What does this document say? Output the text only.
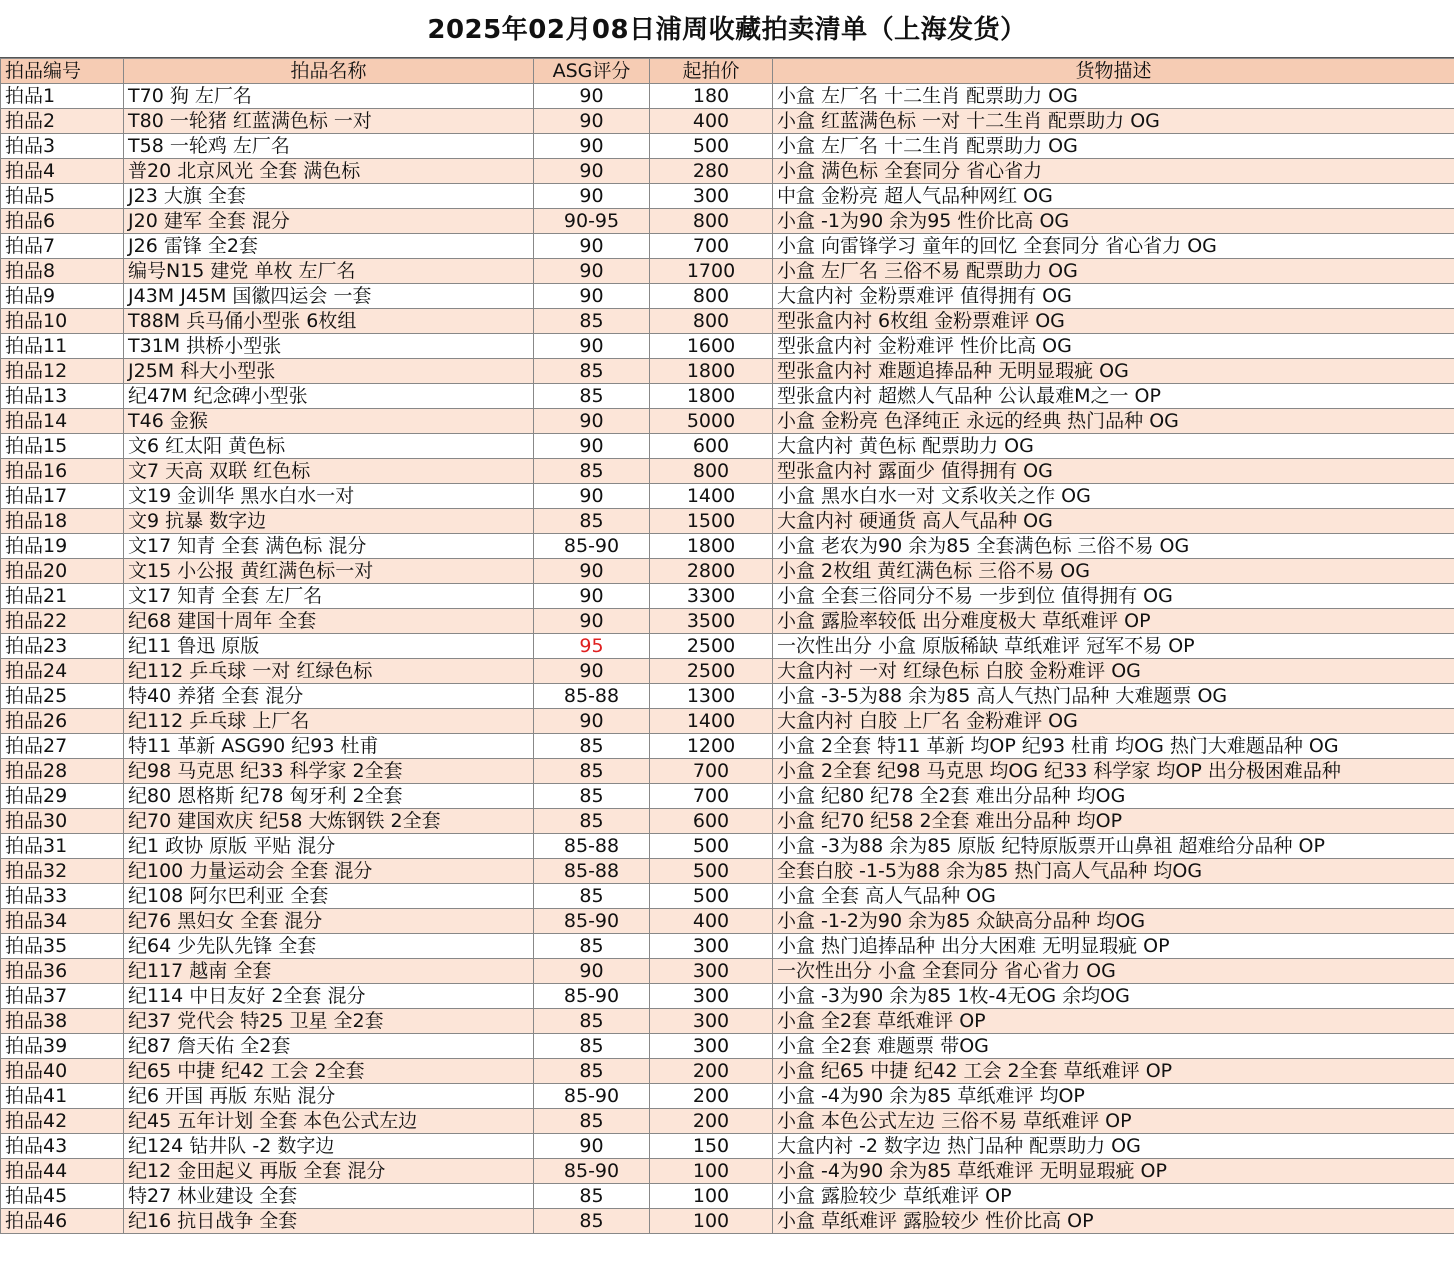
2025年02月08日浦周收藏拍卖清单（上海发货）
拍品编号	拍品名称	ASG评分	起拍价	货物描述
拍品1	T70 狗 左厂名	90	180	小盒 左厂名 十二生肖 配票助力 OG
拍品2	T80 一轮猪 红蓝满色标 一对	90	400	小盒 红蓝满色标 一对 十二生肖 配票助力 OG
拍品3	T58 一轮鸡 左厂名	90	500	小盒 左厂名 十二生肖 配票助力 OG
拍品4	普20 北京风光 全套 满色标	90	280	小盒 满色标 全套同分 省心省力
拍品5	J23 大旗 全套	90	300	中盒 金粉亮 超人气品种网红 OG
拍品6	J20 建军 全套 混分	90-95	800	小盒 -1为90 余为95 性价比高 OG
拍品7	J26 雷锋 全2套	90	700	小盒 向雷锋学习 童年的回忆 全套同分 省心省力 OG
拍品8	编号N15 建党 单枚 左厂名	90	1700	小盒 左厂名 三俗不易 配票助力 OG
拍品9	J43M J45M 国徽四运会 一套	90	800	大盒内衬 金粉票难评 值得拥有 OG
拍品10	T88M 兵马俑小型张 6枚组	85	800	型张盒内衬 6枚组 金粉票难评 OG
拍品11	T31M 拱桥小型张	90	1600	型张盒内衬 金粉难评 性价比高 OG
拍品12	J25M 科大小型张	85	1800	型张盒内衬 难题追捧品种 无明显瑕疵 OG
拍品13	纪47M 纪念碑小型张	85	1800	型张盒内衬 超燃人气品种 公认最难M之一 OP
拍品14	T46 金猴	90	5000	小盒 金粉亮 色泽纯正 永远的经典 热门品种 OG
拍品15	文6 红太阳 黄色标	90	600	大盒内衬 黄色标 配票助力 OG
拍品16	文7 天高 双联 红色标	85	800	型张盒内衬 露面少 值得拥有 OG
拍品17	文19 金训华 黑水白水一对	90	1400	小盒 黑水白水一对 文系收关之作 OG
拍品18	文9 抗暴 数字边	85	1500	大盒内衬 硬通货 高人气品种 OG
拍品19	文17 知青 全套 满色标 混分	85-90	1800	小盒 老农为90 余为85 全套满色标 三俗不易 OG
拍品20	文15 小公报 黄红满色标一对	90	2800	小盒 2枚组 黄红满色标 三俗不易 OG
拍品21	文17 知青 全套 左厂名	90	3300	小盒 全套三俗同分不易 一步到位 值得拥有 OG
拍品22	纪68 建国十周年 全套	90	3500	小盒 露脸率较低 出分难度极大 草纸难评 OP
拍品23	纪11 鲁迅 原版	95	2500	一次性出分 小盒 原版稀缺 草纸难评 冠军不易 OP
拍品24	纪112 乒乓球 一对 红绿色标	90	2500	大盒内衬 一对 红绿色标 白胶 金粉难评 OG
拍品25	特40 养猪 全套 混分	85-88	1300	小盒 -3-5为88 余为85 高人气热门品种 大难题票 OG
拍品26	纪112 乒乓球 上厂名	90	1400	大盒内衬 白胶 上厂名 金粉难评 OG
拍品27	特11 革新 ASG90 纪93 杜甫	85	1200	小盒 2全套 特11 革新 均OP 纪93 杜甫 均OG 热门大难题品种 OG
拍品28	纪98 马克思 纪33 科学家 2全套	85	700	小盒 2全套 纪98 马克思 均OG 纪33 科学家 均OP 出分极困难品种
拍品29	纪80 恩格斯 纪78 匈牙利 2全套	85	700	小盒 纪80 纪78 全2套 难出分品种 均OG
拍品30	纪70 建国欢庆 纪58 大炼钢铁 2全套	85	600	小盒 纪70 纪58 2全套 难出分品种 均OP
拍品31	纪1 政协 原版 平贴 混分	85-88	500	小盒 -3为88 余为85 原版 纪特原版票开山鼻祖 超难给分品种 OP
拍品32	纪100 力量运动会 全套 混分	85-88	500	全套白胶 -1-5为88 余为85 热门高人气品种 均OG
拍品33	纪108 阿尔巴利亚 全套	85	500	小盒 全套 高人气品种 OG
拍品34	纪76 黑妇女 全套 混分	85-90	400	小盒 -1-2为90 余为85 众缺高分品种 均OG
拍品35	纪64 少先队先锋 全套	85	300	小盒 热门追捧品种 出分大困难 无明显瑕疵 OP
拍品36	纪117 越南 全套	90	300	一次性出分 小盒 全套同分 省心省力 OG
拍品37	纪114 中日友好 2全套 混分	85-90	300	小盒 -3为90 余为85 1枚-4无OG 余均OG
拍品38	纪37 党代会 特25 卫星 全2套	85	300	小盒 全2套 草纸难评 OP
拍品39	纪87 詹天佑 全2套	85	300	小盒 全2套 难题票 带OG
拍品40	纪65 中捷 纪42 工会 2全套	85	200	小盒 纪65 中捷 纪42 工会 2全套 草纸难评 OP
拍品41	纪6 开国 再版 东贴 混分	85-90	200	小盒 -4为90 余为85 草纸难评 均OP
拍品42	纪45 五年计划 全套 本色公式左边	85	200	小盒 本色公式左边 三俗不易 草纸难评 OP
拍品43	纪124 钻井队 -2 数字边	90	150	大盒内衬 -2 数字边 热门品种 配票助力 OG
拍品44	纪12 金田起义 再版 全套 混分	85-90	100	小盒 -4为90 余为85 草纸难评 无明显瑕疵 OP
拍品45	特27 林业建设 全套	85	100	小盒 露脸较少 草纸难评 OP
拍品46	纪16 抗日战争 全套	85	100	小盒 草纸难评 露脸较少 性价比高 OP
